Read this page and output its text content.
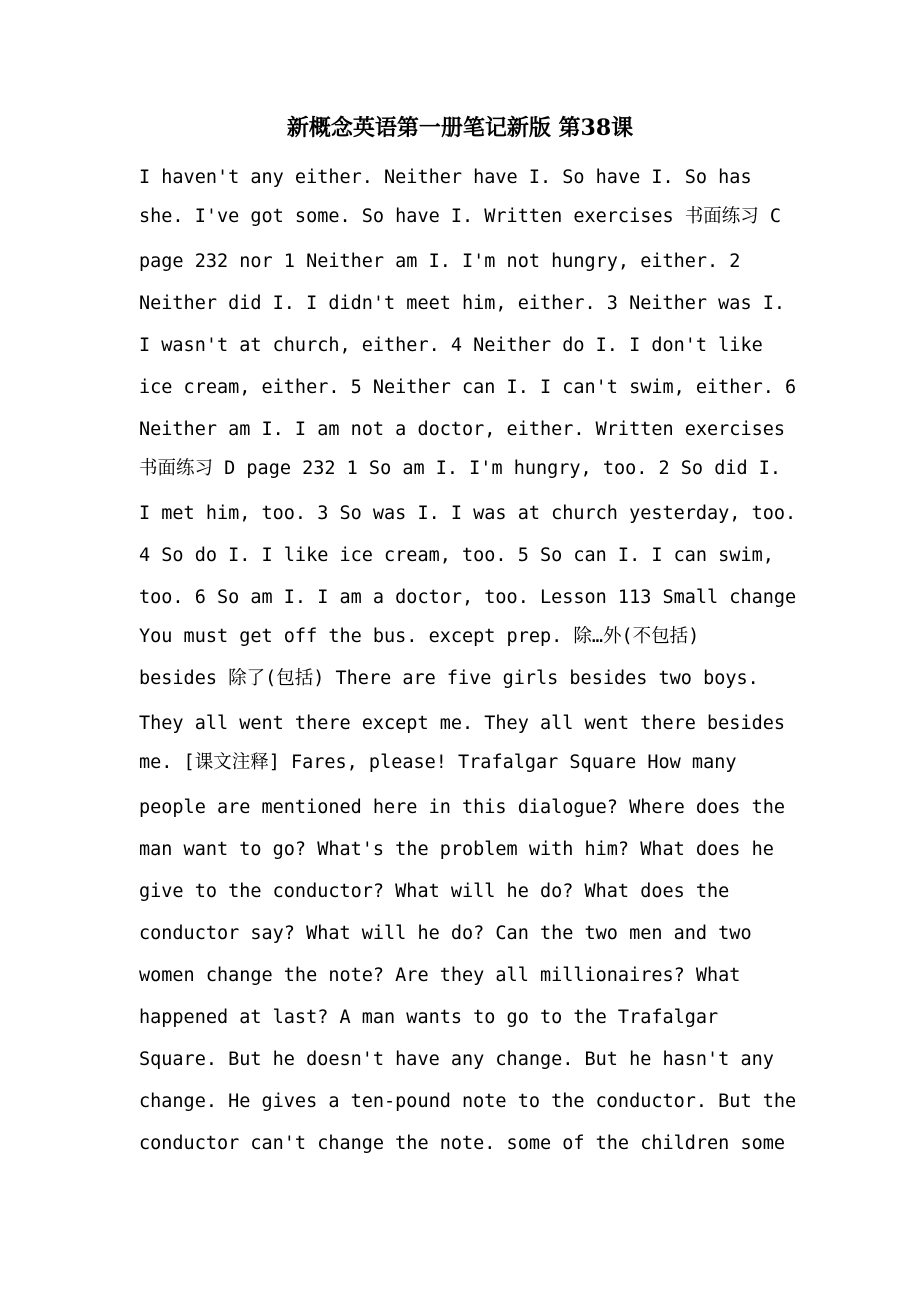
新概念英语第一册笔记新版 第38课
I haven't any either. Neither have I. So have I. So has
she. I've got some. So have I. Written exercises 书面练习 C
page 232 nor 1 Neither am I. I'm not hungry, either. 2
Neither did I. I didn't meet him, either. 3 Neither was I.
I wasn't at church, either. 4 Neither do I. I don't like
ice cream, either. 5 Neither can I. I can't swim, either. 6
Neither am I. I am not a doctor, either. Written exercises
书面练习 D page 232 1 So am I. I'm hungry, too. 2 So did I.
I met him, too. 3 So was I. I was at church yesterday, too.
4 So do I. I like ice cream, too. 5 So can I. I can swim,
too. 6 So am I. I am a doctor, too. Lesson 113 Small change
You must get off the bus. except prep. 除…外(不包括)
besides 除了(包括) There are five girls besides two boys.
They all went there except me. They all went there besides
me. [课文注释] Fares, please! Trafalgar Square How many
people are mentioned here in this dialogue? Where does the
man want to go? What's the problem with him? What does he
give to the conductor? What will he do? What does the
conductor say? What will he do? Can the two men and two
women change the note? Are they all millionaires? What
happened at last? A man wants to go to the Trafalgar
Square. But he doesn't have any change. But he hasn't any
change. He gives a ten-pound note to the conductor. But the
conductor can't change the note. some of the children some
